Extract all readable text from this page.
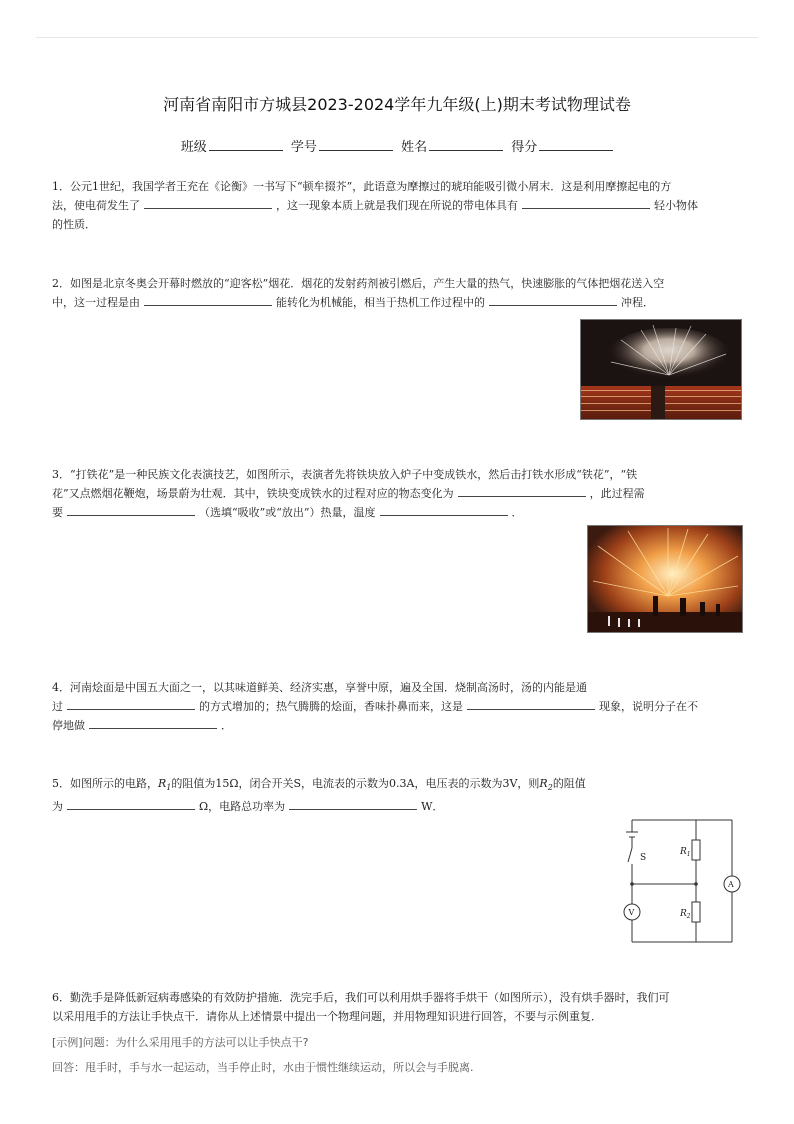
河南省南阳市方城县2023-2024学年九年级(上)期末考试物理试卷
班级	学号	姓名	得分
1．公元1世纪，我国学者王充在《论衡》一书写下“顿牟掇芥”，此语意为摩擦过的琥珀能吸引微小屑末．这是利用摩擦起电的方
法，使电荷发生了	，这一现象本质上就是我们现在所说的带电体具有	轻小物体
的性质．
2．如图是北京冬奥会开幕时燃放的“迎客松”烟花．烟花的发射药剂被引燃后，产生大量的热气，快速膨胀的气体把烟花送入空
中，这一过程是由	能转化为机械能，相当于热机工作过程中的	冲程．
3．“打铁花”是一种民族文化表演技艺，如图所示，表演者先将铁块放入炉子中变成铁水，然后击打铁水形成“铁花”，“铁
花”又点燃烟花鞭炮，场景蔚为壮观．其中，铁块变成铁水的过程对应的物态变化为	，此过程需
要	（选填“吸收”或“放出”）热量，温度	．
4．河南烩面是中国五大面之一，以其味道鲜美、经济实惠，享誉中原，遍及全国．烧制高汤时，汤的内能是通
过	的方式增加的；热气腾腾的烩面，香味扑鼻而来，这是	现象，说明分子在不
停地做	．
5．如图所示的电路，$R_1$的阻值为15Ω，闭合开关S，电流表的示数为0.3A，电压表的示数为3V，则$R_2$的阻值
为	Ω，电路总功率为	W．
S
$R_1$
$R_2$
A
V
6．勤洗手是降低新冠病毒感染的有效防护措施．洗完手后，我们可以利用烘手器将手烘干（如图所示），没有烘手器时，我们可
以采用甩手的方法让手快点干．请你从上述情景中提出一个物理问题，并用物理知识进行回答，不要与示例重复．
[示例]问题：为什么采用甩手的方法可以让手快点干?
回答：甩手时，手与水一起运动，当手停止时，水由于惯性继续运动，所以会与手脱离.
